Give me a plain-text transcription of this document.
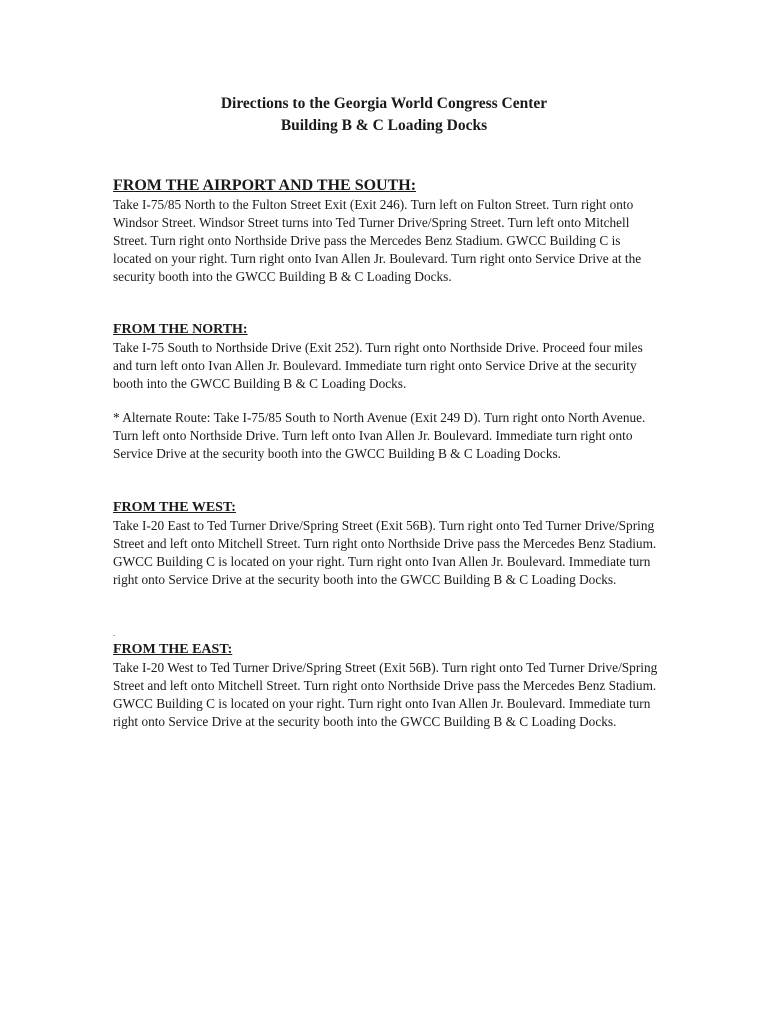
Directions to the Georgia World Congress Center
Building B & C Loading Docks

FROM THE AIRPORT AND THE SOUTH:

Take I-75/85 North to the Fulton Street Exit (Exit 246). Turn left on Fulton Street. Turn right onto Windsor Street. Windsor Street turns into Ted Turner Drive/Spring Street. Turn left onto Mitchell Street. Turn right onto Northside Drive pass the Mercedes Benz Stadium. GWCC Building C is located on your right. Turn right onto Ivan Allen Jr. Boulevard. Turn right onto Service Drive at the security booth into the GWCC Building B & C Loading Docks.

FROM THE NORTH:

Take I-75 South to Northside Drive (Exit 252). Turn right onto Northside Drive. Proceed four miles and turn left onto Ivan Allen Jr. Boulevard. Immediate turn right onto Service Drive at the security booth into the GWCC Building B & C Loading Docks.

* Alternate Route: Take I-75/85 South to North Avenue (Exit 249 D). Turn right onto North Avenue. Turn left onto Northside Drive. Turn left onto Ivan Allen Jr. Boulevard. Immediate turn right onto Service Drive at the security booth into the GWCC Building B & C Loading Docks.

FROM THE WEST:

Take I-20 East to Ted Turner Drive/Spring Street (Exit 56B). Turn right onto Ted Turner Drive/Spring Street and left onto Mitchell Street. Turn right onto Northside Drive pass the Mercedes Benz Stadium. GWCC Building C is located on your right. Turn right onto Ivan Allen Jr. Boulevard. Immediate turn right onto Service Drive at the security booth into the GWCC Building B & C Loading Docks.

.

FROM THE EAST:

Take I-20 West to Ted Turner Drive/Spring Street (Exit 56B). Turn right onto Ted Turner Drive/Spring Street and left onto Mitchell Street. Turn right onto Northside Drive pass the Mercedes Benz Stadium. GWCC Building C is located on your right. Turn right onto Ivan Allen Jr. Boulevard. Immediate turn right onto Service Drive at the security booth into the GWCC Building B & C Loading Docks.
